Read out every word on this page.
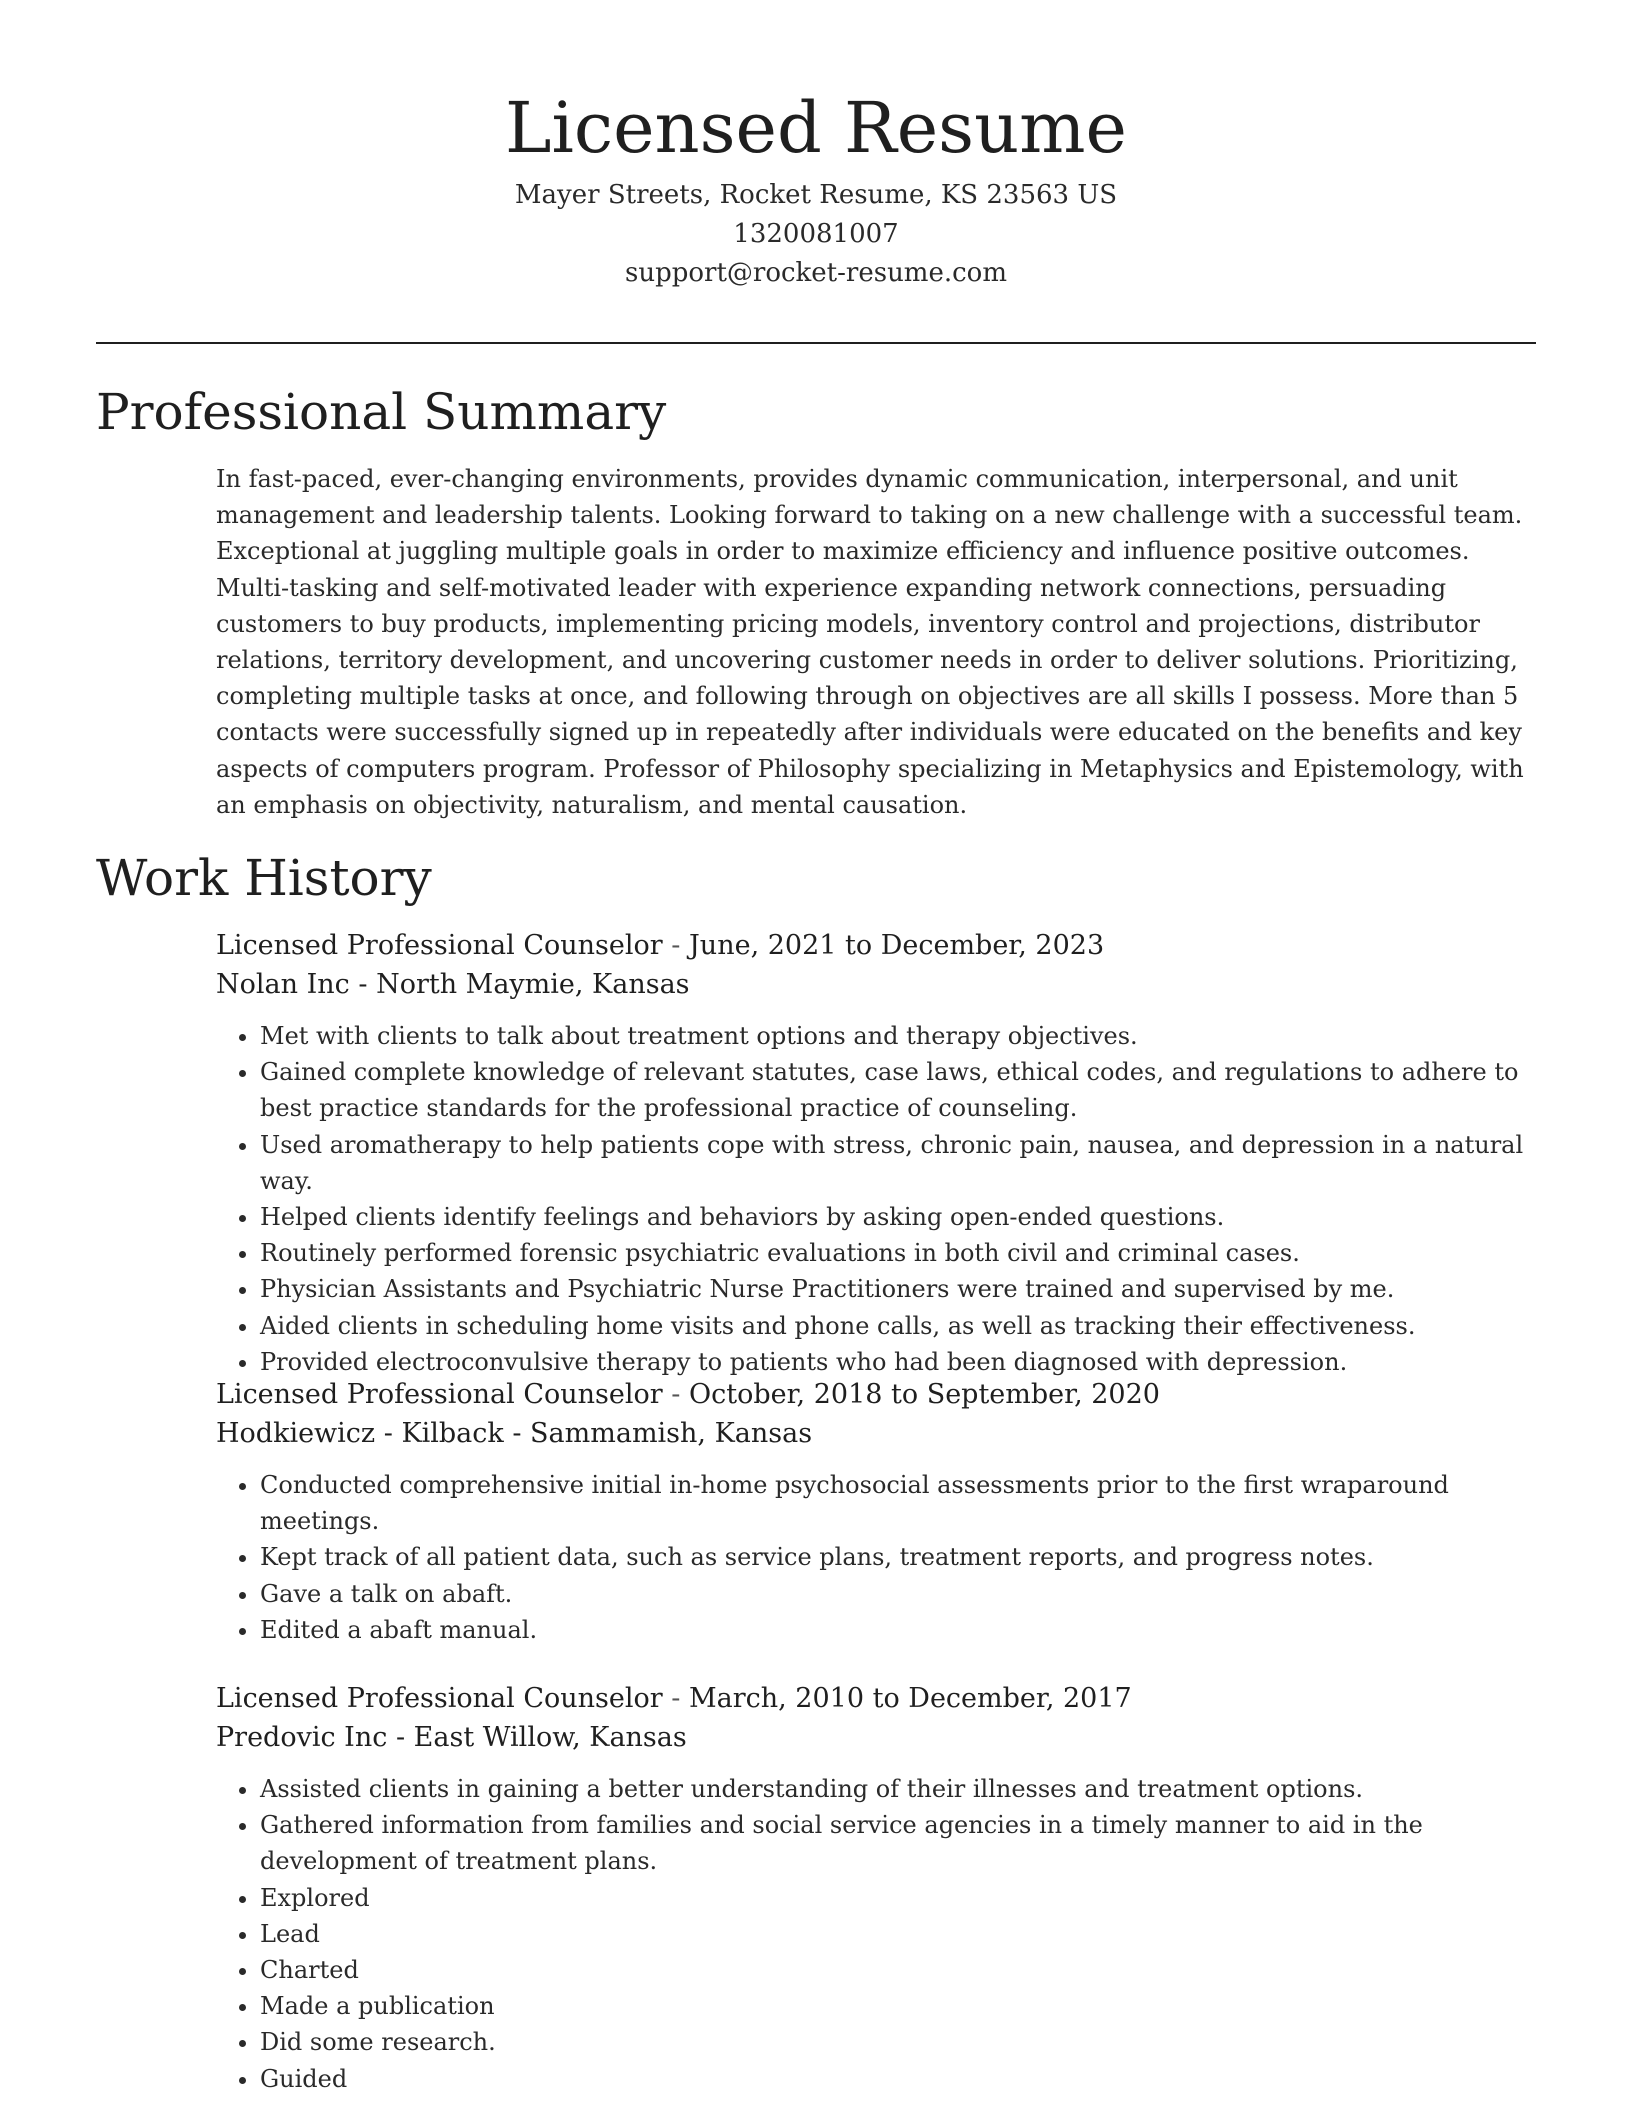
Licensed Resume
Mayer Streets, Rocket Resume, KS 23563 US
1320081007
support@rocket-resume.com
Professional Summary

In fast-paced, ever-changing environments, provides dynamic communication, interpersonal, and unit management and leadership talents. Looking forward to taking on a new challenge with a successful team. Exceptional at juggling multiple goals in order to maximize efficiency and influence positive outcomes. Multi-tasking and self-motivated leader with experience expanding network connections, persuading customers to buy products, implementing pricing models, inventory control and projections, distributor relations, territory development, and uncovering customer needs in order to deliver solutions. Prioritizing, completing multiple tasks at once, and following through on objectives are all skills I possess. More than 5 contacts were successfully signed up in repeatedly after individuals were educated on the benefits and key aspects of computers program. Professor of Philosophy specializing in Metaphysics and Epistemology, with an emphasis on objectivity, naturalism, and mental causation.

Work History
Licensed Professional Counselor - June, 2021 to December, 2023
Nolan Inc - North Maymie, Kansas
• Met with clients to talk about treatment options and therapy objectives.
• Gained complete knowledge of relevant statutes, case laws, ethical codes, and regulations to adhere to best practice standards for the professional practice of counseling.
• Used aromatherapy to help patients cope with stress, chronic pain, nausea, and depression in a natural way.
• Helped clients identify feelings and behaviors by asking open-ended questions.
• Routinely performed forensic psychiatric evaluations in both civil and criminal cases.
• Physician Assistants and Psychiatric Nurse Practitioners were trained and supervised by me.
• Aided clients in scheduling home visits and phone calls, as well as tracking their effectiveness.
• Provided electroconvulsive therapy to patients who had been diagnosed with depression.
Licensed Professional Counselor - October, 2018 to September, 2020
Hodkiewicz - Kilback - Sammamish, Kansas
• Conducted comprehensive initial in-home psychosocial assessments prior to the first wraparound meetings.
• Kept track of all patient data, such as service plans, treatment reports, and progress notes.
• Gave a talk on abaft.
• Edited a abaft manual.
Licensed Professional Counselor - March, 2010 to December, 2017
Predovic Inc - East Willow, Kansas
• Assisted clients in gaining a better understanding of their illnesses and treatment options.
• Gathered information from families and social service agencies in a timely manner to aid in the development of treatment plans.
• Explored
• Lead
• Charted
• Made a publication
• Did some research.
• Guided
